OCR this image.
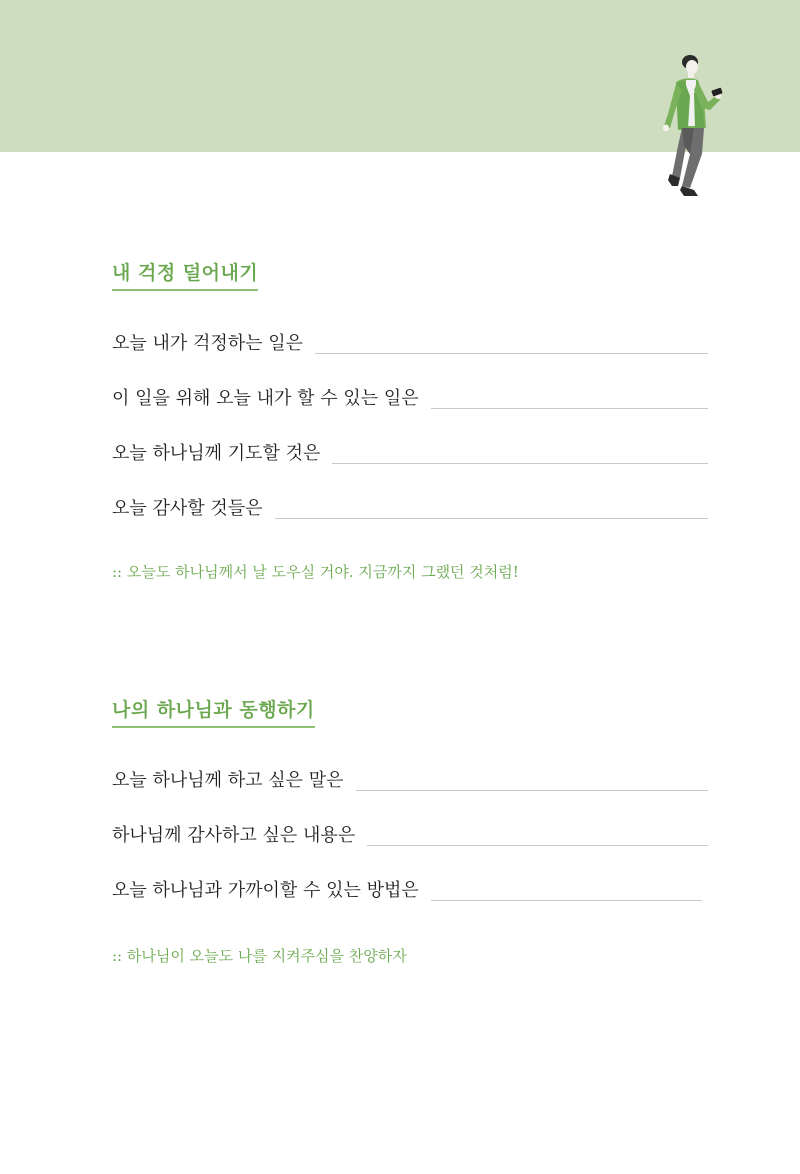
내 걱정 덜어내기
오늘 내가 걱정하는 일은
이 일을 위해 오늘 내가 할 수 있는 일은
오늘 하나님께 기도할 것은
오늘 감사할 것들은
:: 오늘도 하나님께서 날 도우실 거야. 지금까지 그랬던 것처럼!
나의 하나님과 동행하기
오늘 하나님께 하고 싶은 말은
하나님께 감사하고 싶은 내용은
오늘 하나님과 가까이할 수 있는 방법은
:: 하나님이 오늘도 나를 지켜주심을 찬양하자
